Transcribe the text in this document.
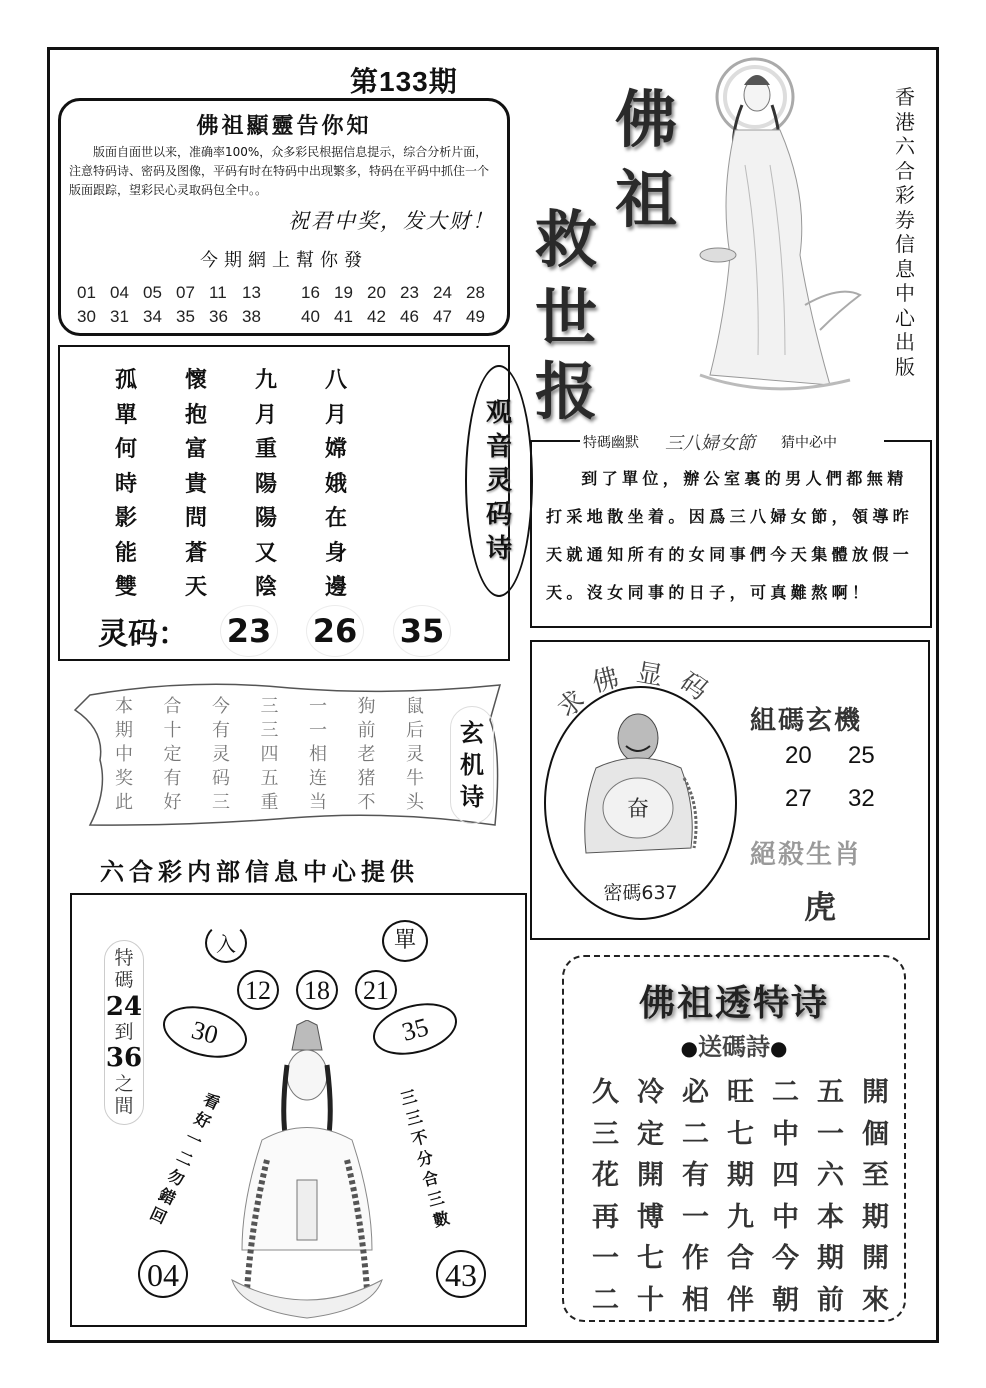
第133期
佛祖顯靈告你知
版面自面世以来，准确率100%，众多彩民根据信息提示，综合分析片面，注意特码诗、密码及图像，平码有时在特码中出现繁多，特码在平码中抓住一个版面跟踪，望彩民心灵取码包全中。。
祝君中奖，发大财！
今期網上幫你發
01 04 05 07 11 13	16 19 20 23 24 28
30 31 34 35 36 38	40 41 42 46 47 49
佛
祖
救
世
报
香港六合彩券信息中心出版
孤	懷	九	八
單	抱	月	月
何	富	重	嫦
時	貴	陽	娥
影	問	陽	在
能	蒼	又	身
雙	天	陰	邊
观
音
灵
码
诗
灵码： 23 26 35
特碼幽默 三八婦女節 猜中必中
到了單位，辦公室裏的男人們都無精打采地散坐着。因爲三八婦女節，領導昨天就通知所有的女同事們今天集體放假一天。沒女同事的日子，可真難熬啊！
本	合	今	三	一	狗	鼠
期	十	有	三	一	前	后
中	定	灵	四	相	老	灵
奖	有	码	五	连	猪	牛
此	好	三	重	当	不	头
玄
机
诗
求
佛 显 码
奋
密碼637
組碼玄機
20 25
27 32
絕殺生肖
虎
六合彩内部信息中心提供
特
碼
24
到
36
之
間
入	單
12	18	21
30	35
看
好
一
二
勿
錯
回
三
三
不
分
合
三
數
04	43
佛祖透特诗
●送碼詩●
久 冷 必 旺 二 五 開
三 定 二 七 中 一 個
花 開 有 期 四 六 至
再 博 一 九 中 本 期
一 七 作 合 今 期 開
二 十 相 伴 朝 前 來
